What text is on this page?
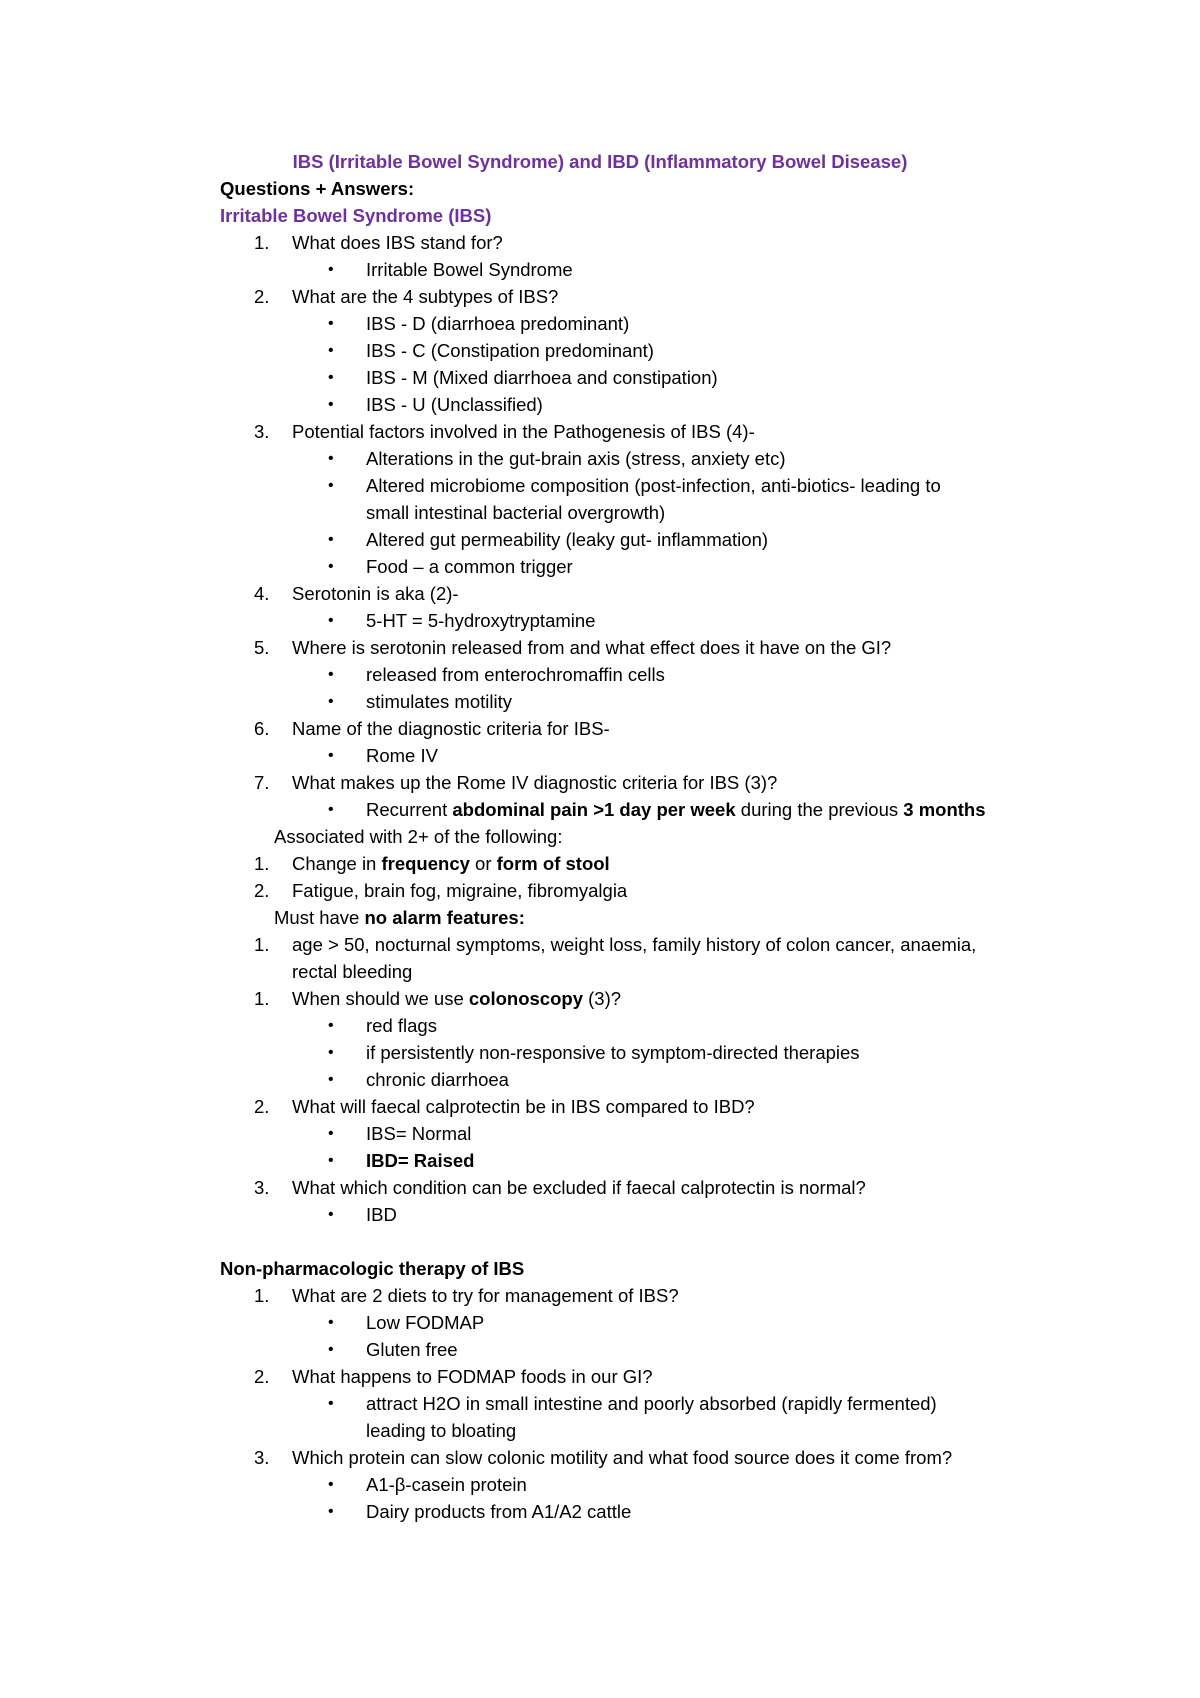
IBS (Irritable Bowel Syndrome) and IBD (Inflammatory Bowel Disease)
Questions + Answers:
Irritable Bowel Syndrome (IBS)
1. What does IBS stand for?
• Irritable Bowel Syndrome
2. What are the 4 subtypes of IBS?
• IBS - D (diarrhoea predominant)
• IBS - C (Constipation predominant)
• IBS - M (Mixed diarrhoea and constipation)
• IBS - U (Unclassified)
3. Potential factors involved in the Pathogenesis of IBS (4)-
• Alterations in the gut-brain axis (stress, anxiety etc)
• Altered microbiome composition (post-infection, anti-biotics- leading to
small intestinal bacterial overgrowth)
• Altered gut permeability (leaky gut- inflammation)
• Food – a common trigger
4. Serotonin is aka (2)-
• 5-HT = 5-hydroxytryptamine
5. Where is serotonin released from and what effect does it have on the GI?
• released from enterochromaffin cells
• stimulates motility
6. Name of the diagnostic criteria for IBS-
• Rome IV
7. What makes up the Rome IV diagnostic criteria for IBS (3)?
• Recurrent abdominal pain >1 day per week during the previous 3 months
Associated with 2+ of the following:
1. Change in frequency or form of stool
2. Fatigue, brain fog, migraine, fibromyalgia
Must have no alarm features:
1. age > 50, nocturnal symptoms, weight loss, family history of colon cancer, anaemia,
rectal bleeding
1. When should we use colonoscopy (3)?
• red flags
• if persistently non-responsive to symptom-directed therapies
• chronic diarrhoea
2. What will faecal calprotectin be in IBS compared to IBD?
• IBS= Normal
• IBD= Raised
3. What which condition can be excluded if faecal calprotectin is normal?
• IBD
Non-pharmacologic therapy of IBS
1. What are 2 diets to try for management of IBS?
• Low FODMAP
• Gluten free
2. What happens to FODMAP foods in our GI?
• attract H2O in small intestine and poorly absorbed (rapidly fermented)
leading to bloating
3. Which protein can slow colonic motility and what food source does it come from?
• A1-β-casein protein
• Dairy products from A1/A2 cattle
